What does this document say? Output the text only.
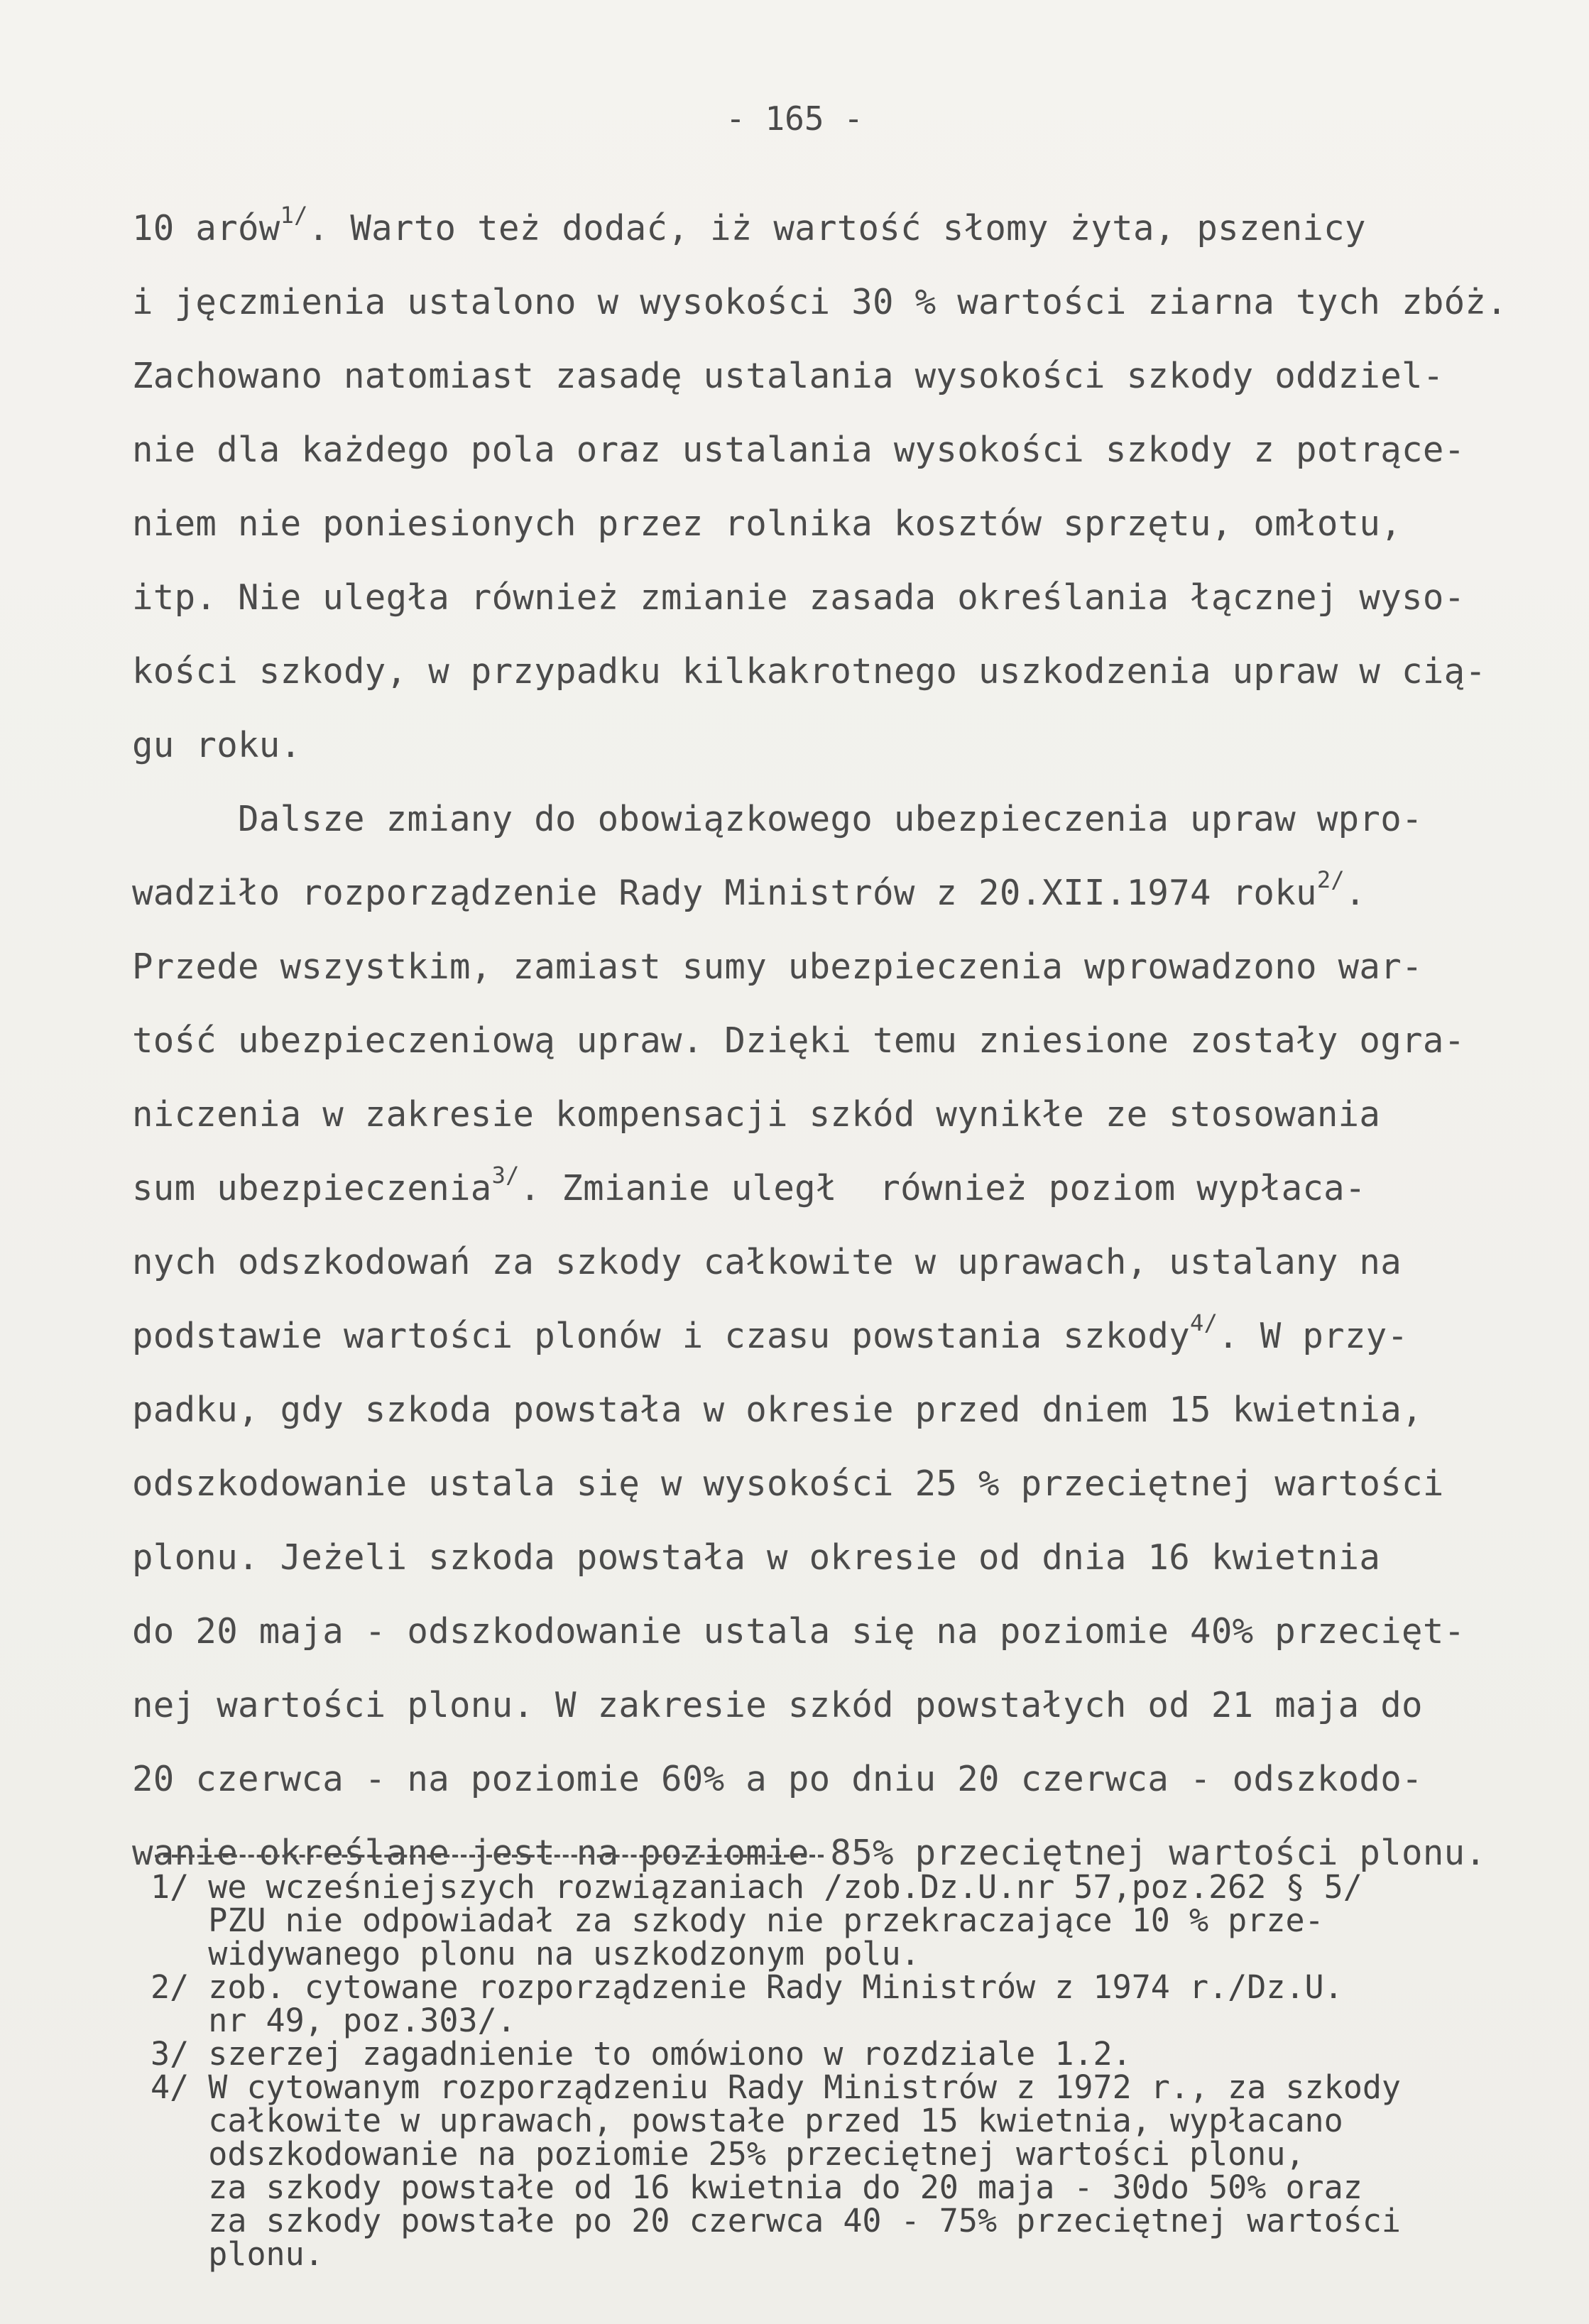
- 165 -
10 arów$^{1/}$. Warto też dodać, iż wartość słomy żyta, pszenicy
i jęczmienia ustalono w wysokości 30 % wartości ziarna tych zbóż.
Zachowano natomiast zasadę ustalania wysokości szkody oddziel-
nie dla każdego pola oraz ustalania wysokości szkody z potrące-
niem nie poniesionych przez rolnika kosztów sprzętu, omłotu,
itp. Nie uległa również zmianie zasada określania łącznej wyso-
kości szkody, w przypadku kilkakrotnego uszkodzenia upraw w cią-
gu roku.
Dalsze zmiany do obowiązkowego ubezpieczenia upraw wpro-
wadziło rozporządzenie Rady Ministrów z 20.XII.1974 roku$^{2/}$.
Przede wszystkim, zamiast sumy ubezpieczenia wprowadzono war-
tość ubezpieczeniową upraw. Dzięki temu zniesione zostały ogra-
niczenia w zakresie kompensacji szkód wynikłe ze stosowania
sum ubezpieczenia$^{3/}$. Zmianie uległ  również poziom wypłaca-
nych odszkodowań za szkody całkowite w uprawach, ustalany na
podstawie wartości plonów i czasu powstania szkody$^{4/}$. W przy-
padku, gdy szkoda powstała w okresie przed dniem 15 kwietnia,
odszkodowanie ustala się w wysokości 25 % przeciętnej wartości
plonu. Jeżeli szkoda powstała w okresie od dnia 16 kwietnia
do 20 maja - odszkodowanie ustala się na poziomie 40% przecięt-
nej wartości plonu. W zakresie szkód powstałych od 21 maja do
20 czerwca - na poziomie 60% a po dniu 20 czerwca - odszkodo-
wanie określane jest na poziomie 85% przeciętnej wartości plonu.
1/ we wcześniejszych rozwiązaniach /zob.Dz.U.nr 57,poz.262 § 5/
PZU nie odpowiadał za szkody nie przekraczające 10 % prze-
widywanego plonu na uszkodzonym polu.
2/ zob. cytowane rozporządzenie Rady Ministrów z 1974 r./Dz.U.
nr 49, poz.303/.
3/ szerzej zagadnienie to omówiono w rozdziale 1.2.
4/ W cytowanym rozporządzeniu Rady Ministrów z 1972 r., za szkody
całkowite w uprawach, powstałe przed 15 kwietnia, wypłacano
odszkodowanie na poziomie 25% przeciętnej wartości plonu,
za szkody powstałe od 16 kwietnia do 20 maja - 30do 50% oraz
za szkody powstałe po 20 czerwca 40 - 75% przeciętnej wartości
plonu.
